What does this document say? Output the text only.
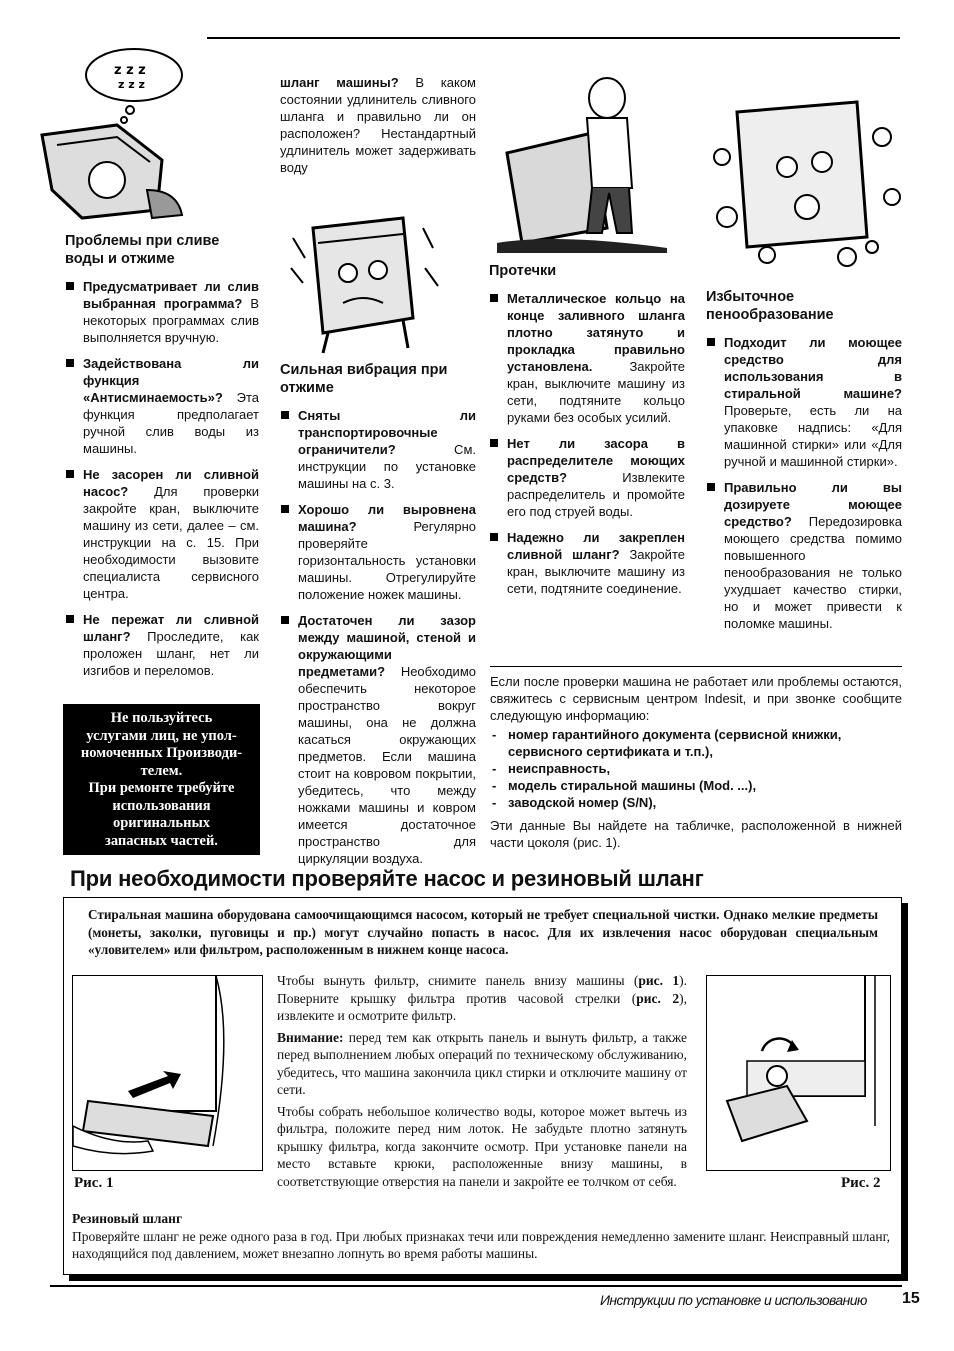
z z z
z z z
Проблемы при сливе воды и отжиме
Предусматривает ли слив выбранная программа? В некоторых программах слив выполняется вручную.
Задействована ли функция «Антисминаемость»? Эта функция предполагает ручной слив воды из машины.
Не засорен ли сливной насос? Для проверки закройте кран, выключите машину из сети, далее – см. инструкции на с. 15. При необходимости вызовите специалиста сервисного центра.
Не пережат ли сливной шланг? Проследите, как проложен шланг, нет ли изгибов и переломов.
Не пользуйтесь
услугами лиц, не упол-
номоченных Производи-
телем.
При ремонте требуйте
использования
оригинальных
запасных частей.

шланг машины? В каком состоянии удлинитель сливного шланга и правильно ли он расположен? Нестандартный удлинитель может задерживать воду

Сильная вибрация при отжиме
Сняты ли транспортировочные ограничители? См. инструкции по установке машины на с. 3.
Хорошо ли выровнена машина? Регулярно проверяйте горизонтальность установки машины. Отрегулируйте положение ножек машины.
Достаточен ли зазор между машиной, стеной и окружающими предметами? Необходимо обеспечить некоторое пространство вокруг машины, она не должна касаться окружающих предметов. Если машина стоит на ковровом покрытии, убедитесь, что между ножками машины и ковром имеется достаточное пространство для циркуляции воздуха.
Протечки
Металлическое кольцо на конце заливного шланга плотно затянуто и прокладка правильно установлена. Закройте кран, выключите машину из сети, подтяните кольцо руками без особых усилий.
Нет ли засора в распределителе моющих средств? Извлеките распределитель и промойте его под струей воды.
Надежно ли закреплен сливной шланг? Закройте кран, выключите машину из сети, подтяните соединение.
Избыточное пенообразование
Подходит ли моющее средство для использования в стиральной машине? Проверьте, есть ли на упаковке надпись: «Для машинной стирки» или «Для ручной и машинной стирки».
Правильно ли вы дозируете моющее средство? Передозировка моющего средства помимо повышенного пенообразования не только ухудшает качество стирки, но и может привести к поломке машины.

Если после проверки машина не работает или проблемы остаются, свяжитесь с сервисным центром Indesit, и при звонке сообщите следующую информацию:

- номер гарантийного документа (сервисной книжки, сервисного сертификата и т.п.),
- неисправность,
- модель стиральной машины (Mod. ...),
- заводской номер (S/N),

Эти данные Вы найдете на табличке, расположенной в нижней части цоколя (рис. 1).

При необходимости проверяйте насос и резиновый шланг
Стиральная машина оборудована самоочищающимся насосом, который не требует специальной чистки. Однако мелкие предметы (монеты, заколки, пуговицы и пр.) могут случайно попасть в насос. Для их извлечения насос оборудован специальным «уловителем» или фильтром, расположенным в нижнем конце насоса.
Рис. 1	Рис. 2

Чтобы вынуть фильтр, снимите панель внизу машины (рис. 1). Поверните крышку фильтра против часовой стрелки (рис. 2), извлеките и осмотрите фильтр.

Внимание: перед тем как открыть панель и вынуть фильтр, а также перед выполнением любых операций по техническому обслуживанию, убедитесь, что машина закончила цикл стирки и отключите машину от сети.

Чтобы собрать небольшое количество воды, которое может вытечь из фильтра, положите перед ним лоток. Не забудьте плотно затянуть крышку фильтра, когда закончите осмотр. При установке панели на место вставьте крюки, расположенные внизу машины, в соответствующие отверстия на панели и закройте ее толчком от себя.

Резиновый шланг
Проверяйте шланг не реже одного раза в год. При любых признаках течи или повреждения немедленно замените шланг. Неисправный шланг, находящийся под давлением, может внезапно лопнуть во время работы машины.
Инструкции по установке и использованию 15
